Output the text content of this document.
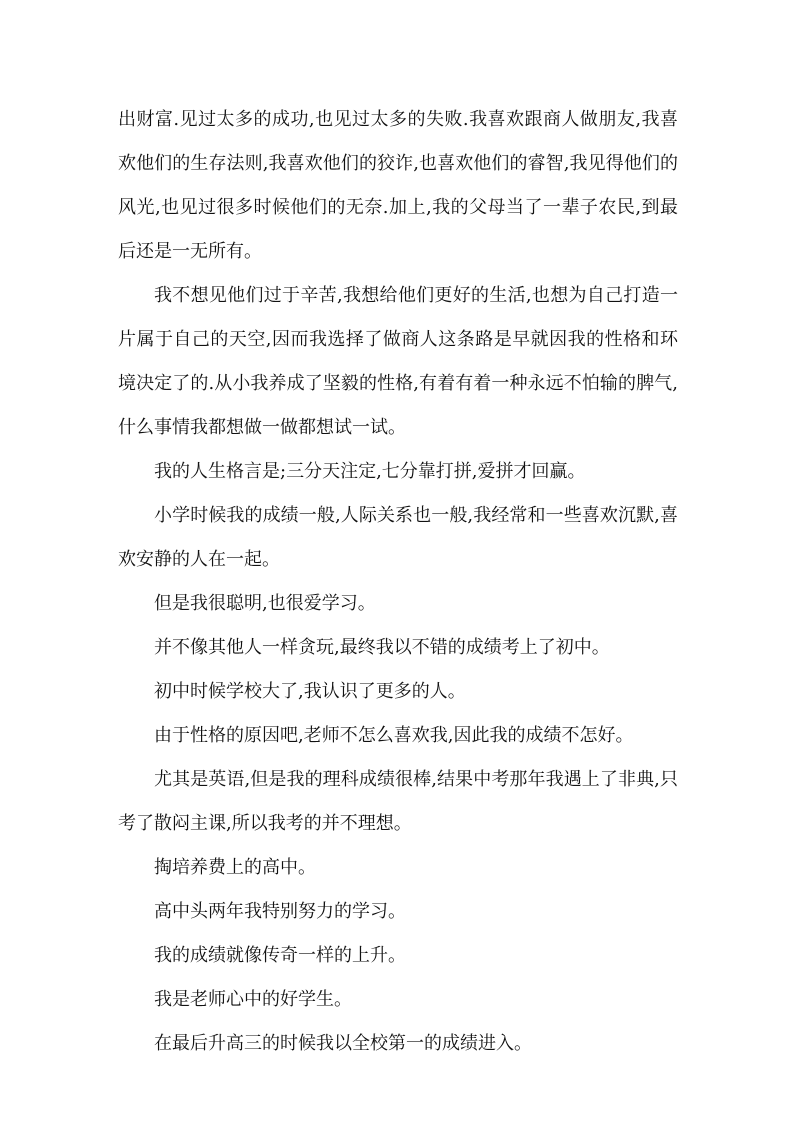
出财富.见过太多的成功,也见过太多的失败.我喜欢跟商人做朋友,我喜欢他们的生存法则,我喜欢他们的狡诈,也喜欢他们的睿智,我见得他们的风光,也见过很多时候他们的无奈.加上,我的父母当了一辈子农民,到最后还是一无所有。

我不想见他们过于辛苦,我想给他们更好的生活,也想为自己打造一片属于自己的天空,因而我选择了做商人这条路是早就因我的性格和环境决定了的.从小我养成了坚毅的性格,有着有着一种永远不怕输的脾气,什么事情我都想做一做都想试一试。

我的人生格言是;三分天注定,七分靠打拼,爱拼才回赢。

小学时候我的成绩一般,人际关系也一般,我经常和一些喜欢沉默,喜欢安静的人在一起。

但是我很聪明,也很爱学习。

并不像其他人一样贪玩,最终我以不错的成绩考上了初中。

初中时候学校大了,我认识了更多的人。

由于性格的原因吧,老师不怎么喜欢我,因此我的成绩不怎好。

尤其是英语,但是我的理科成绩很棒,结果中考那年我遇上了非典,只考了散闷主课,所以我考的并不理想。

掏培养费上的高中。

高中头两年我特别努力的学习。

我的成绩就像传奇一样的上升。

我是老师心中的好学生。

在最后升高三的时候我以全校第一的成绩进入。
